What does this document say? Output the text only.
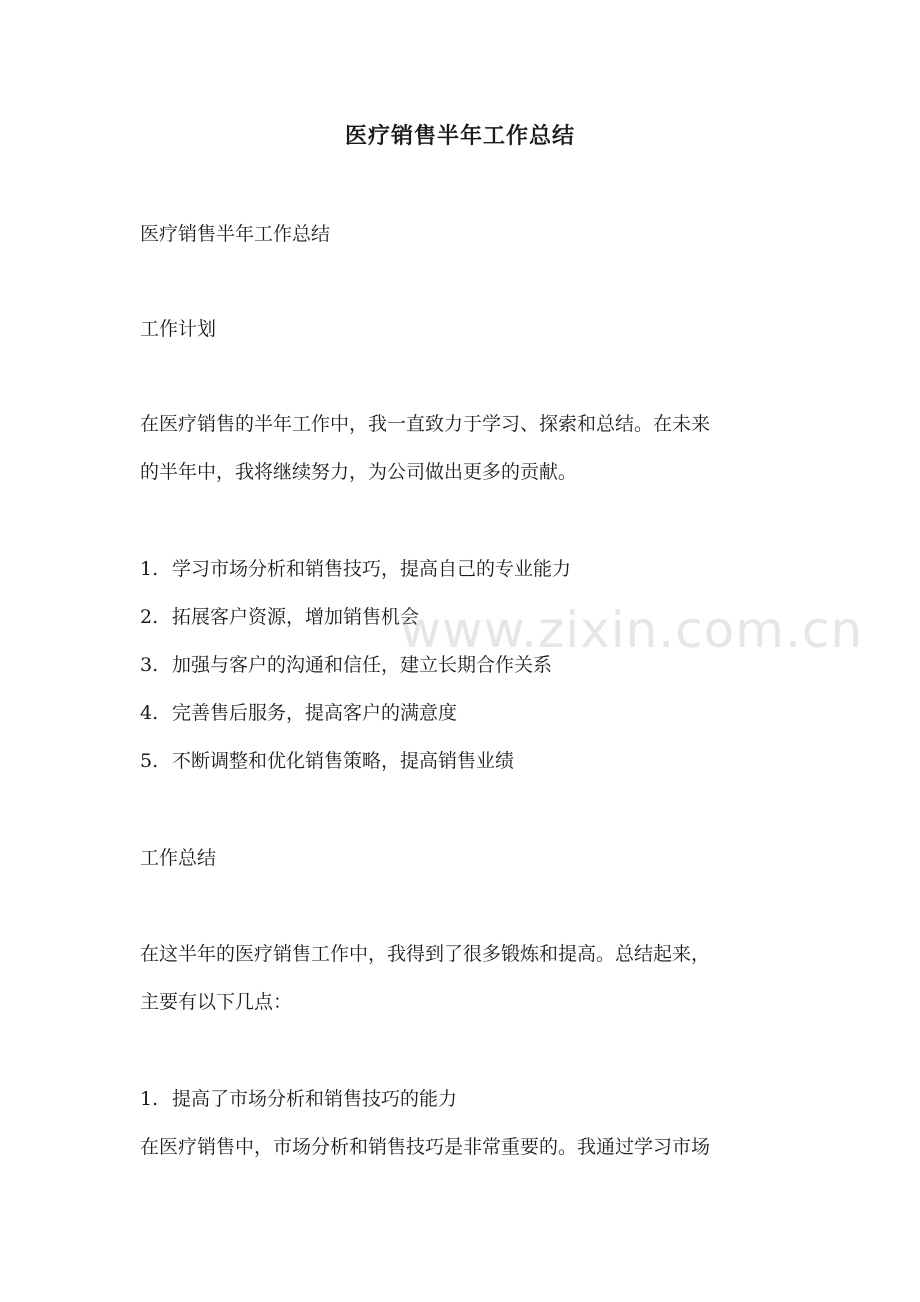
医疗销售半年工作总结

医疗销售半年工作总结

工作计划

在医疗销售的半年工作中，我一直致力于学习、探索和总结。在未来

的半年中，我将继续努力，为公司做出更多的贡献。

1. 学习市场分析和销售技巧，提高自己的专业能力

2. 拓展客户资源，增加销售机会

3. 加强与客户的沟通和信任，建立长期合作关系

4. 完善售后服务，提高客户的满意度

5. 不断调整和优化销售策略，提高销售业绩

工作总结

在这半年的医疗销售工作中，我得到了很多锻炼和提高。总结起来，

主要有以下几点：

1. 提高了市场分析和销售技巧的能力

在医疗销售中，市场分析和销售技巧是非常重要的。我通过学习市场

www.zixin.com.cn
